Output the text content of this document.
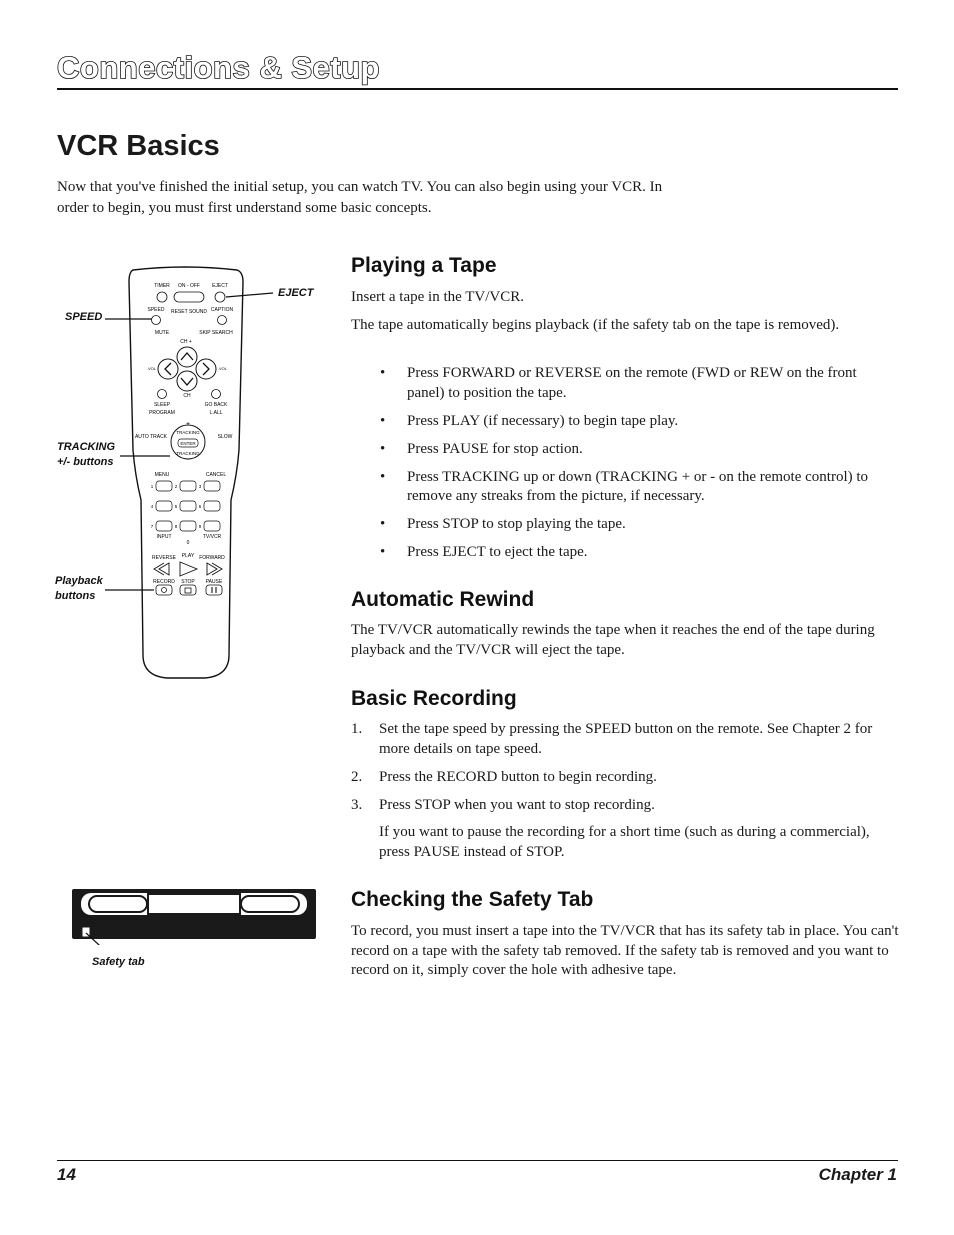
Connections & Setup
VCR Basics
Now that you've finished the initial setup, you can watch TV. You can also begin using your VCR. In order to begin, you must first understand some basic concepts.
TIMER ON - OFF EJECT
SPEED RESET SOUND CAPTION
MUTE	SKIP SEARCH
CH +
VOL	VOL
CH
SLEEP	GO BACK
PROGRAM	L.ALL
+
TRACKING
ENTER
TRACKING
–
AUTO TRACK	SLOW
MENU	CANCEL
1	2	3
4	5	6
7	8	9
INPUT
0
TV/VCR
REVERSE PLAY FORWARD
RECORD STOP PAUSE
SPEED
EJECT
TRACKING
+/- buttons
Playback
buttons
Safety tab
Playing a Tape
Insert a tape in the TV/VCR.
The tape automatically begins playback (if the safety tab on the tape is removed).
• Press FORWARD or REVERSE on the remote (FWD or REW on the front panel) to position the tape.
• Press PLAY (if necessary) to begin tape play.
• Press PAUSE for stop action.
• Press TRACKING up or down (TRACKING + or - on the remote control) to remove any streaks from the picture, if necessary.
• Press STOP to stop playing the tape.
• Press EJECT to eject the tape.
Automatic Rewind
The TV/VCR automatically rewinds the tape when it reaches the end of the tape during playback and the TV/VCR will eject the tape.
Basic Recording
1. Set the tape speed by pressing the SPEED button on the remote. See Chapter 2 for more details on tape speed.
2. Press the RECORD button to begin recording.
3. Press STOP when you want to stop recording.
If you want to pause the recording for a short time (such as during a commercial), press PAUSE instead of STOP.
Checking the Safety Tab
To record, you must insert a tape into the TV/VCR that has its safety tab in place. You can't record on a tape with the safety tab removed. If the safety tab is removed and you want to record on it, simply cover the hole with adhesive tape.
14	Chapter 1
